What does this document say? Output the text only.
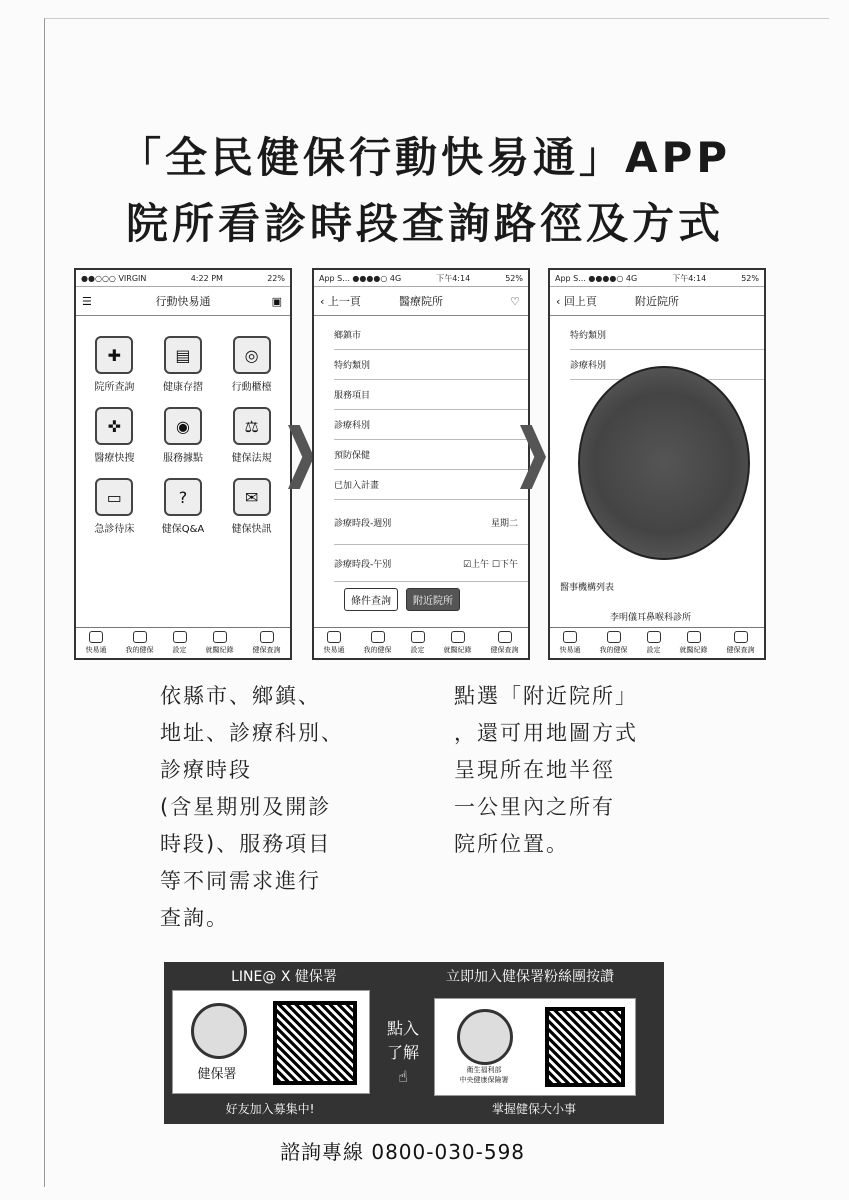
「全民健保行動快易通」APP
院所看診時段查詢路徑及方式
●●○○○ VIRGIN	4:22 PM	22%
☰	行動快易通	▣
✚
院所查詢
▤
健康存摺
◎
行動櫃檯
✜
醫療快搜
◉
服務據點
⚖
健保法規
▭
急診待床
?
健保Q&A
✉
健保快訊
快易通	我的健保	設定	就醫紀錄	健保查詢
App S... ●●●●○ 4G	下午4:14	52%
‹ 上一頁	醫療院所	♡
鄉鎮市
特約類別
服務項目
診療科別
預防保健
已加入計畫
診療時段-週別	星期二
診療時段-午別	☑上午 ☐下午
條件查詢	附近院所
快易通	我的健保	設定	就醫紀錄	健保查詢
App S... ●●●●○ 4G	下午4:14	52%
‹ 回上頁	附近院所
特約類別
診療科別
醫事機構列表
李明儀耳鼻喉科診所
快易通	我的健保	設定	就醫紀錄	健保查詢
依縣市、鄉鎮、
地址、診療科別、
診療時段
(含星期別及開診
時段)、服務項目
等不同需求進行
查詢。
點選「附近院所」
，還可用地圖方式
呈現所在地半徑
一公里內之所有
院所位置。
LINE@ X 健保署	立即加入健保署粉絲團按讚
健保署
點入
了解
☝	衛生福利部
中央健康保險署
好友加入募集中!	掌握健保大小事
諮詢專線 0800-030-598
